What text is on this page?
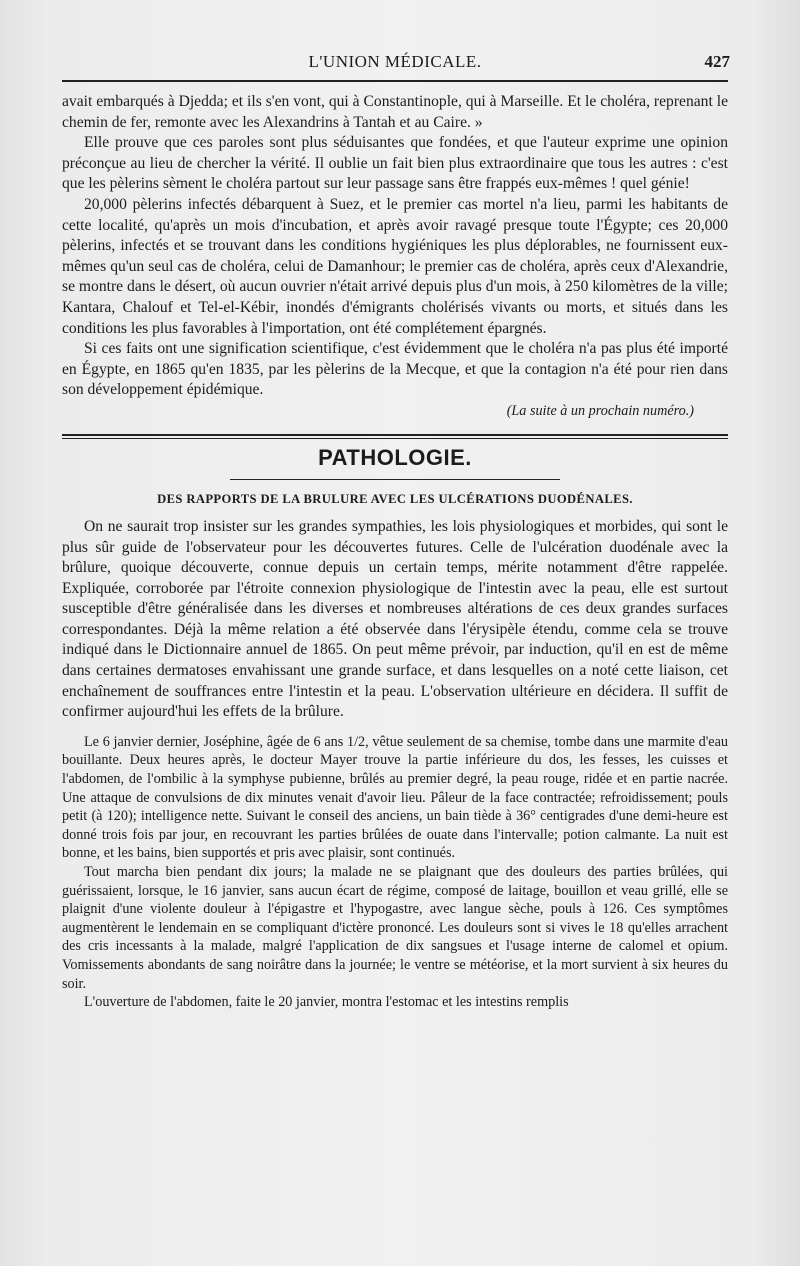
L'UNION MÉDICALE.	427

avait embarqués à Djedda; et ils s'en vont, qui à Constantinople, qui à Marseille. Et le choléra, reprenant le chemin de fer, remonte avec les Alexandrins à Tantah et au Caire. »

Elle prouve que ces paroles sont plus séduisantes que fondées, et que l'auteur exprime une opinion préconçue au lieu de chercher la vérité. Il oublie un fait bien plus extraordinaire que tous les autres : c'est que les pèlerins sèment le choléra partout sur leur passage sans être frappés eux-mêmes ! quel génie!

20,000 pèlerins infectés débarquent à Suez, et le premier cas mortel n'a lieu, parmi les habitants de cette localité, qu'après un mois d'incubation, et après avoir ravagé presque toute l'Égypte; ces 20,000 pèlerins, infectés et se trouvant dans les conditions hygiéniques les plus déplorables, ne fournissent eux-mêmes qu'un seul cas de choléra, celui de Damanhour; le premier cas de choléra, après ceux d'Alexandrie, se montre dans le désert, où aucun ouvrier n'était arrivé depuis plus d'un mois, à 250 kilomètres de la ville; Kantara, Chalouf et Tel-el-Kébir, inondés d'émigrants cholérisés vivants ou morts, et situés dans les conditions les plus favorables à l'importation, ont été complétement épargnés.

Si ces faits ont une signification scientifique, c'est évidemment que le choléra n'a pas plus été importé en Égypte, en 1865 qu'en 1835, par les pèlerins de la Mecque, et que la contagion n'a été pour rien dans son développement épidémique.

(La suite à un prochain numéro.)
PATHOLOGIE.
DES RAPPORTS DE LA BRULURE AVEC LES ULCÉRATIONS DUODÉNALES.

On ne saurait trop insister sur les grandes sympathies, les lois physiologiques et morbides, qui sont le plus sûr guide de l'observateur pour les découvertes futures. Celle de l'ulcération duodénale avec la brûlure, quoique découverte, connue depuis un certain temps, mérite notamment d'être rappelée. Expliquée, corroborée par l'étroite connexion physiologique de l'intestin avec la peau, elle est surtout susceptible d'être généralisée dans les diverses et nombreuses altérations de ces deux grandes surfaces correspondantes. Déjà la même relation a été observée dans l'érysipèle étendu, comme cela se trouve indiqué dans le Dictionnaire annuel de 1865. On peut même prévoir, par induction, qu'il en est de même dans certaines dermatoses envahissant une grande surface, et dans lesquelles on a noté cette liaison, cet enchaînement de souffrances entre l'intestin et la peau. L'observation ultérieure en décidera. Il suffit de confirmer aujourd'hui les effets de la brûlure.

Le 6 janvier dernier, Joséphine, âgée de 6 ans 1/2, vêtue seulement de sa chemise, tombe dans une marmite d'eau bouillante. Deux heures après, le docteur Mayer trouve la partie inférieure du dos, les fesses, les cuisses et l'abdomen, de l'ombilic à la symphyse pubienne, brûlés au premier degré, la peau rouge, ridée et en partie nacrée. Une attaque de convulsions de dix minutes venait d'avoir lieu. Pâleur de la face contractée; refroidissement; pouls petit (à 120); intelligence nette. Suivant le conseil des anciens, un bain tiède à 36° centigrades d'une demi-heure est donné trois fois par jour, en recouvrant les parties brûlées de ouate dans l'intervalle; potion calmante. La nuit est bonne, et les bains, bien supportés et pris avec plaisir, sont continués.

Tout marcha bien pendant dix jours; la malade ne se plaignant que des douleurs des parties brûlées, qui guérissaient, lorsque, le 16 janvier, sans aucun écart de régime, composé de laitage, bouillon et veau grillé, elle se plaignit d'une violente douleur à l'épigastre et l'hypogastre, avec langue sèche, pouls à 126. Ces symptômes augmentèrent le lendemain en se compliquant d'ictère prononcé. Les douleurs sont si vives le 18 qu'elles arrachent des cris incessants à la malade, malgré l'application de dix sangsues et l'usage interne de calomel et opium. Vomissements abondants de sang noirâtre dans la journée; le ventre se météorise, et la mort survient à six heures du soir.

L'ouverture de l'abdomen, faite le 20 janvier, montra l'estomac et les intestins remplis
